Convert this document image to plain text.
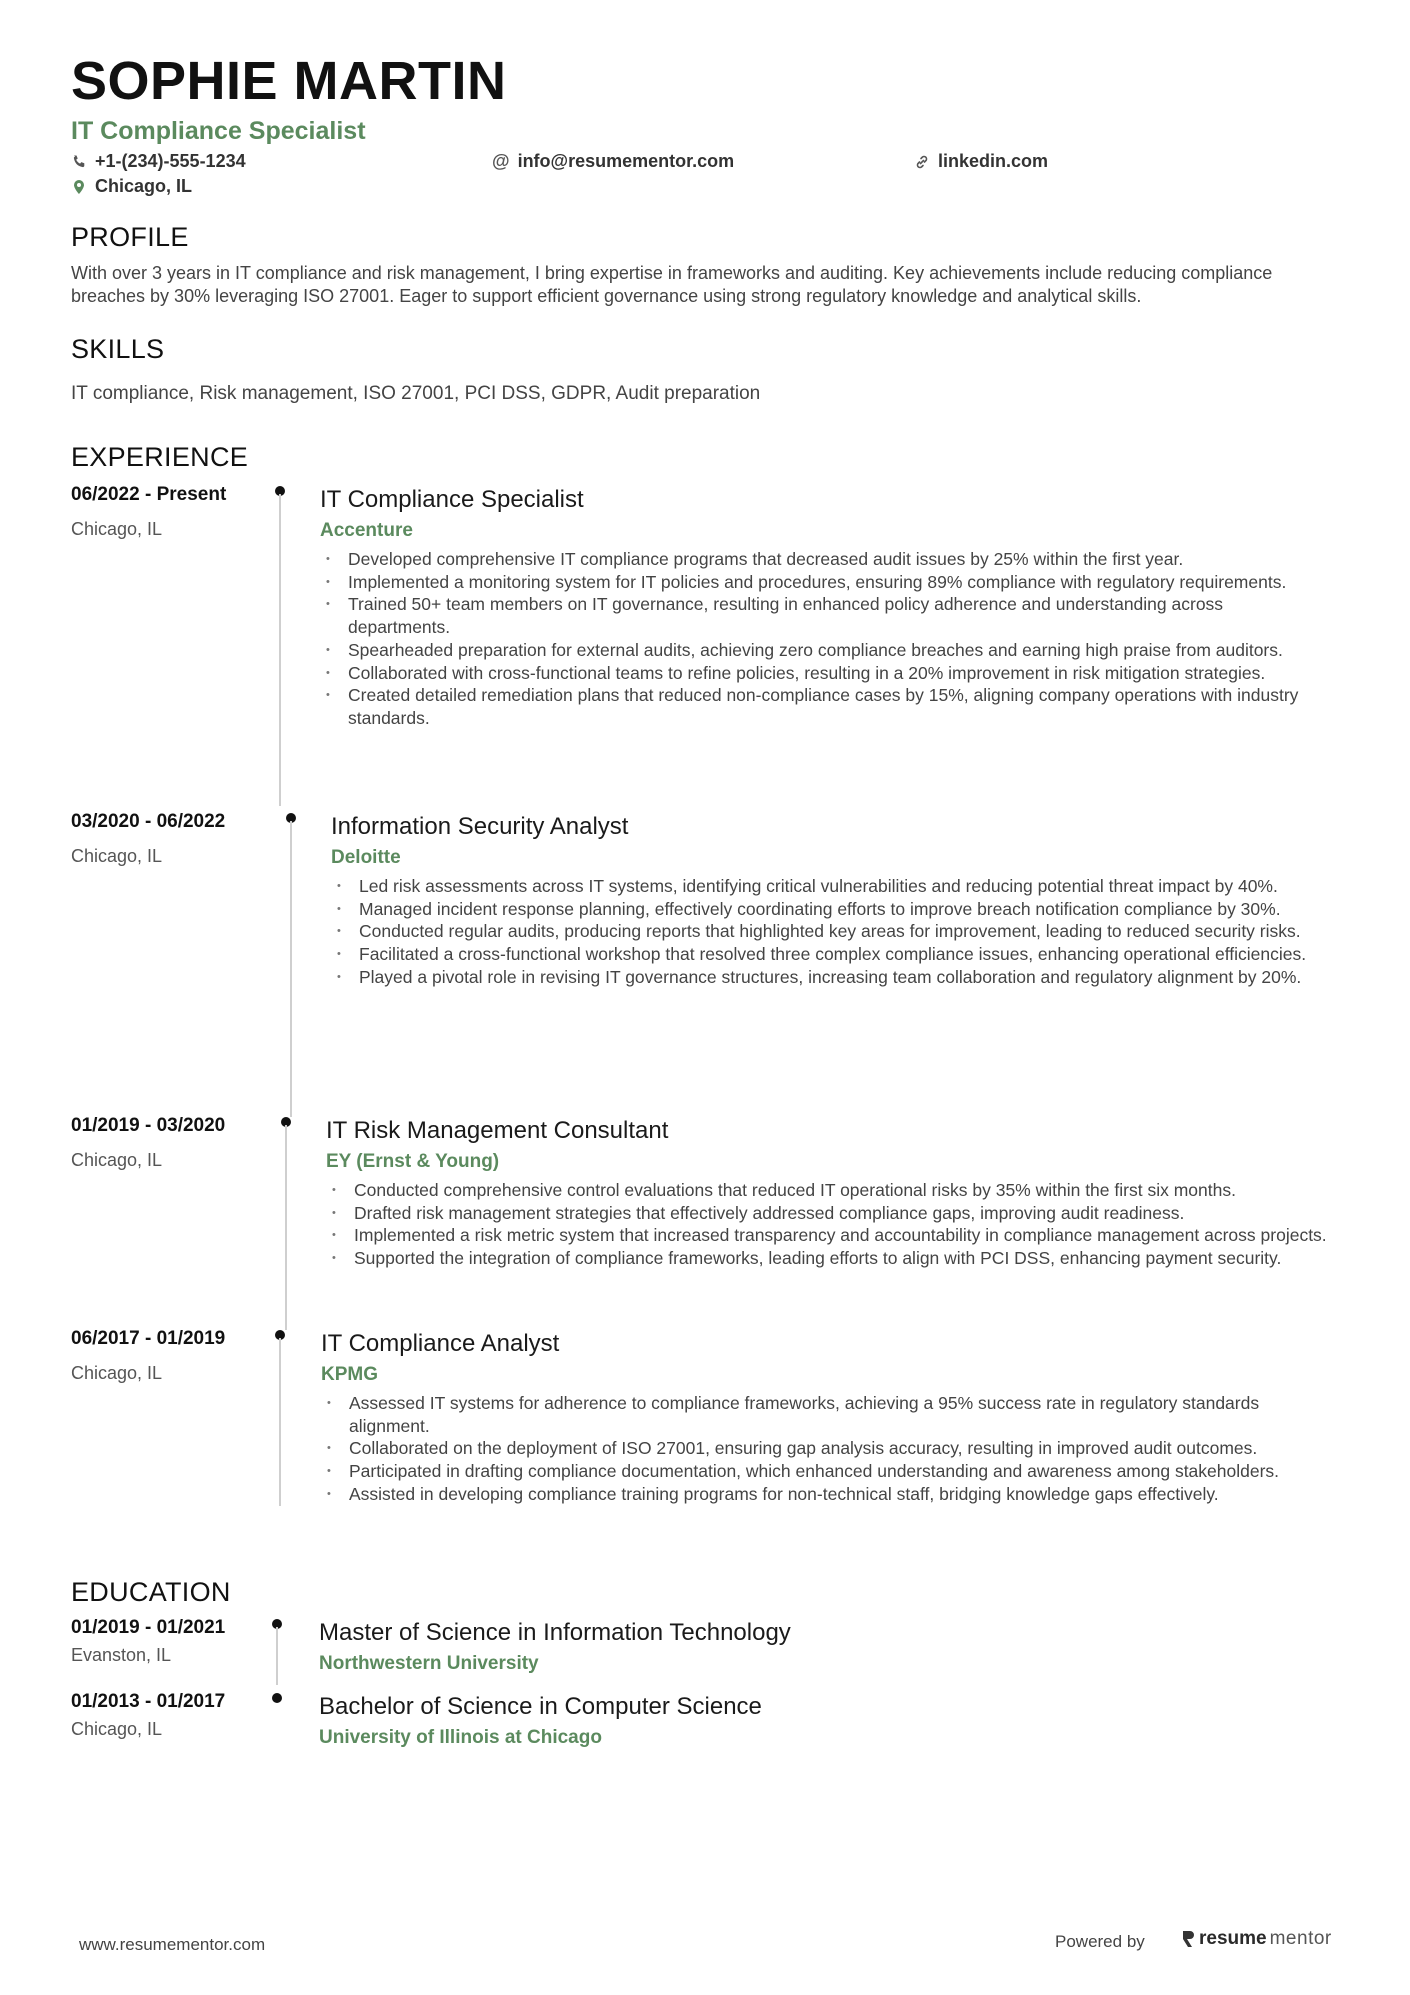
SOPHIE MARTIN
IT Compliance Specialist
+1-(234)-555-1234	@ info@resumementor.com	linkedin.com
Chicago, IL
PROFILE
With over 3 years in IT compliance and risk management, I bring expertise in frameworks and auditing. Key achievements include reducing compliance breaches by 30% leveraging ISO 27001. Eager to support efficient governance using strong regulatory knowledge and analytical skills.
SKILLS
IT compliance, Risk management, ISO 27001, PCI DSS, GDPR, Audit preparation
EXPERIENCE
06/2022 - Present
Chicago, IL
IT Compliance Specialist
Accenture
• Developed comprehensive IT compliance programs that decreased audit issues by 25% within the first year.
• Implemented a monitoring system for IT policies and procedures, ensuring 89% compliance with regulatory requirements.
• Trained 50+ team members on IT governance, resulting in enhanced policy adherence and understanding across departments.
• Spearheaded preparation for external audits, achieving zero compliance breaches and earning high praise from auditors.
• Collaborated with cross-functional teams to refine policies, resulting in a 20% improvement in risk mitigation strategies.
• Created detailed remediation plans that reduced non-compliance cases by 15%, aligning company operations with industry standards.
03/2020 - 06/2022
Chicago, IL
Information Security Analyst
Deloitte
• Led risk assessments across IT systems, identifying critical vulnerabilities and reducing potential threat impact by 40%.
• Managed incident response planning, effectively coordinating efforts to improve breach notification compliance by 30%.
• Conducted regular audits, producing reports that highlighted key areas for improvement, leading to reduced security risks.
• Facilitated a cross-functional workshop that resolved three complex compliance issues, enhancing operational efficiencies.
• Played a pivotal role in revising IT governance structures, increasing team collaboration and regulatory alignment by 20%.
01/2019 - 03/2020
Chicago, IL
IT Risk Management Consultant
EY (Ernst & Young)
• Conducted comprehensive control evaluations that reduced IT operational risks by 35% within the first six months.
• Drafted risk management strategies that effectively addressed compliance gaps, improving audit readiness.
• Implemented a risk metric system that increased transparency and accountability in compliance management across projects.
• Supported the integration of compliance frameworks, leading efforts to align with PCI DSS, enhancing payment security.
06/2017 - 01/2019
Chicago, IL
IT Compliance Analyst
KPMG
• Assessed IT systems for adherence to compliance frameworks, achieving a 95% success rate in regulatory standards alignment.
• Collaborated on the deployment of ISO 27001, ensuring gap analysis accuracy, resulting in improved audit outcomes.
• Participated in drafting compliance documentation, which enhanced understanding and awareness among stakeholders.
• Assisted in developing compliance training programs for non-technical staff, bridging knowledge gaps effectively.
EDUCATION
01/2019 - 01/2021
Evanston, IL
Master of Science in Information Technology
Northwestern University
01/2013 - 01/2017
Chicago, IL
Bachelor of Science in Computer Science
University of Illinois at Chicago
www.resumementor.com	Powered by	resume mentor
